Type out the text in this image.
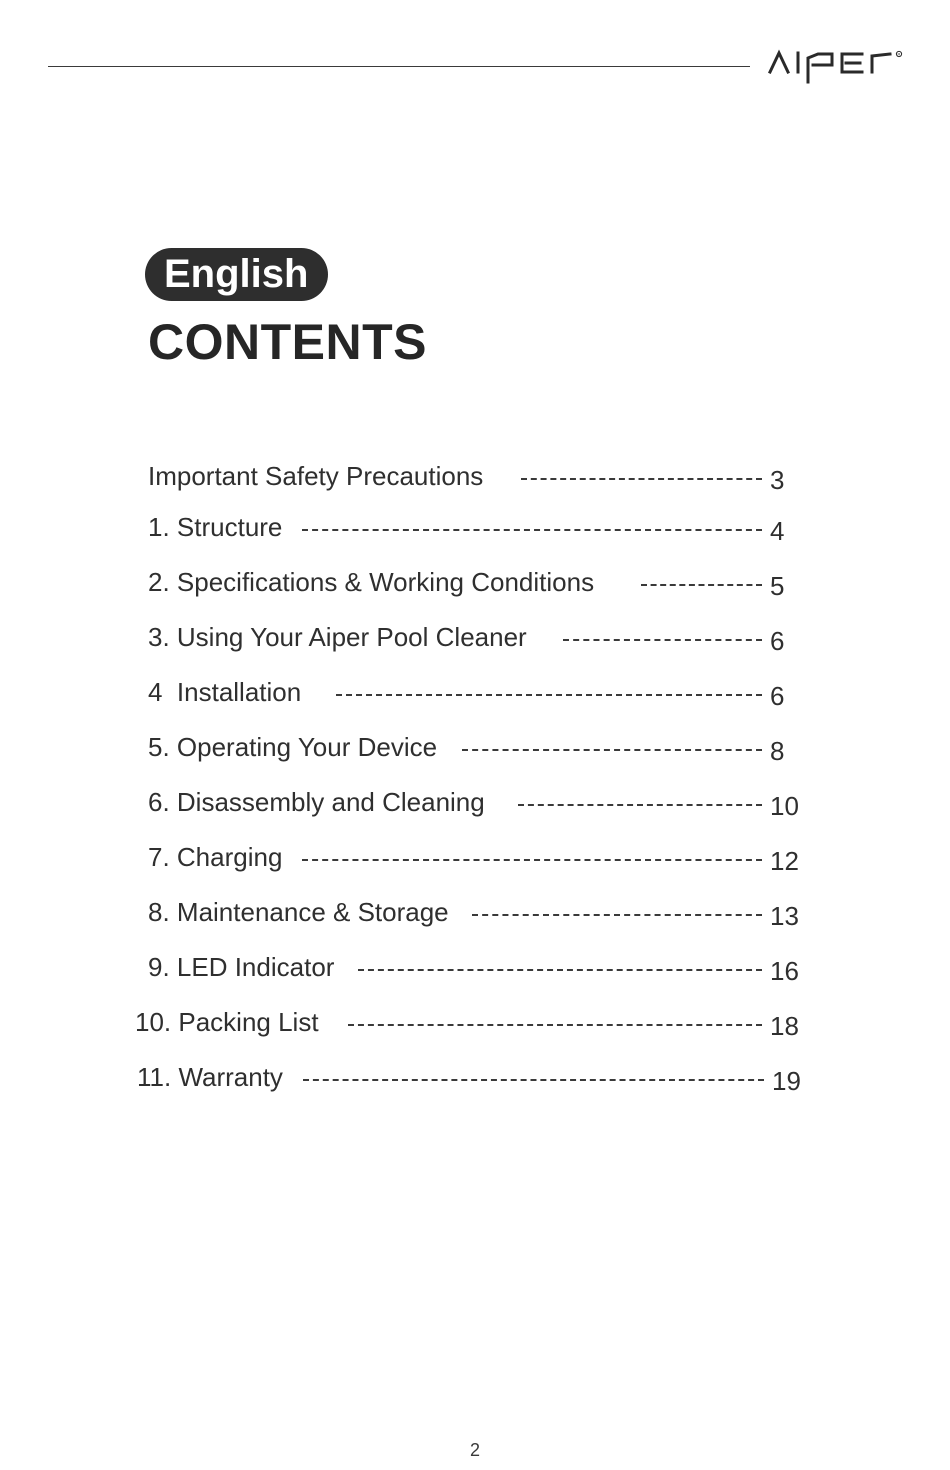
R
English
CONTENTS
Important Safety Precautions	3
1. Structure	4
2. Specifications & Working Conditions	5
3. Using Your Aiper Pool Cleaner	6
4  Installation	6
5. Operating Your Device	8
6. Disassembly and Cleaning	10
7. Charging	12
8. Maintenance & Storage	13
9. LED Indicator	16
10. Packing List	18
11. Warranty	19
2
